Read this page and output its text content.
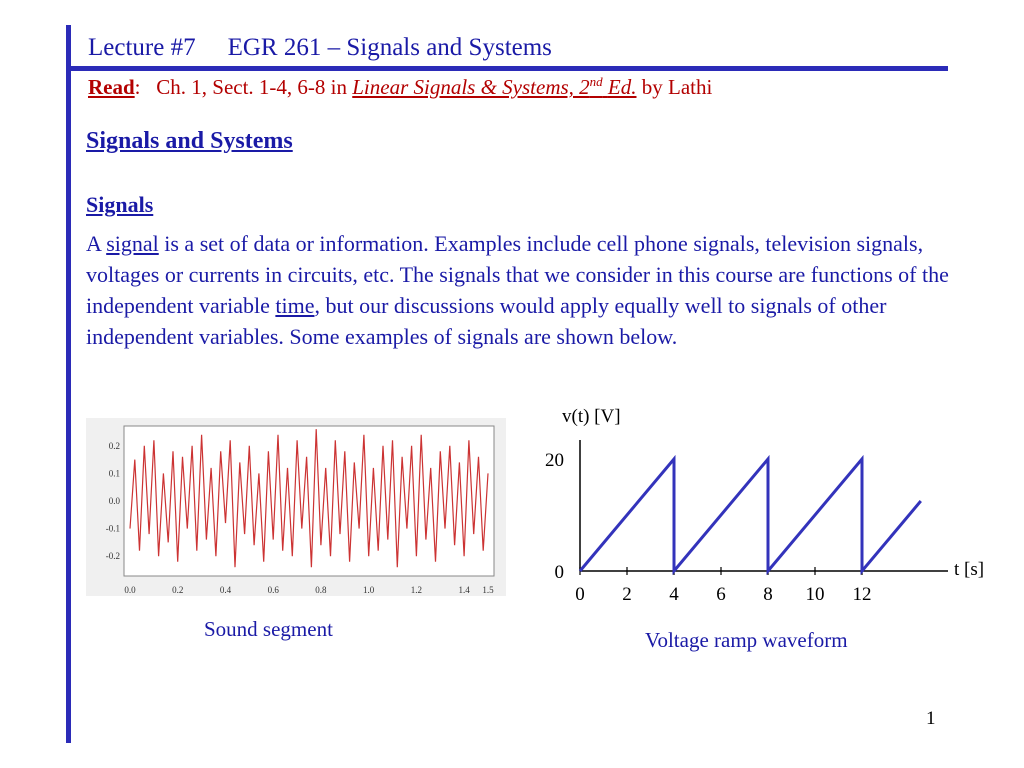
Lecture #7 EGR 261 – Signals and Systems
Read: Ch. 1, Sect. 1-4, 6-8 in Linear Signals & Systems, 2nd Ed. by Lathi
Signals and Systems
Signals
A signal is a set of data or information. Examples include cell phone signals, television signals, voltages or currents in circuits, etc. The signals that we consider in this course are functions of the independent variable time, but our discussions would apply equally well to signals of other independent variables. Some examples of signals are shown below.
0.0	0.2	0.4	0.6	0.8	1.0	1.2	1.4 1.5
0.2
0.1
0.0
-0.1
-0.2
Sound segment
v(t) [V]
t [s]
0 2 4 6 8 10 12
0
20
Voltage ramp waveform
1
